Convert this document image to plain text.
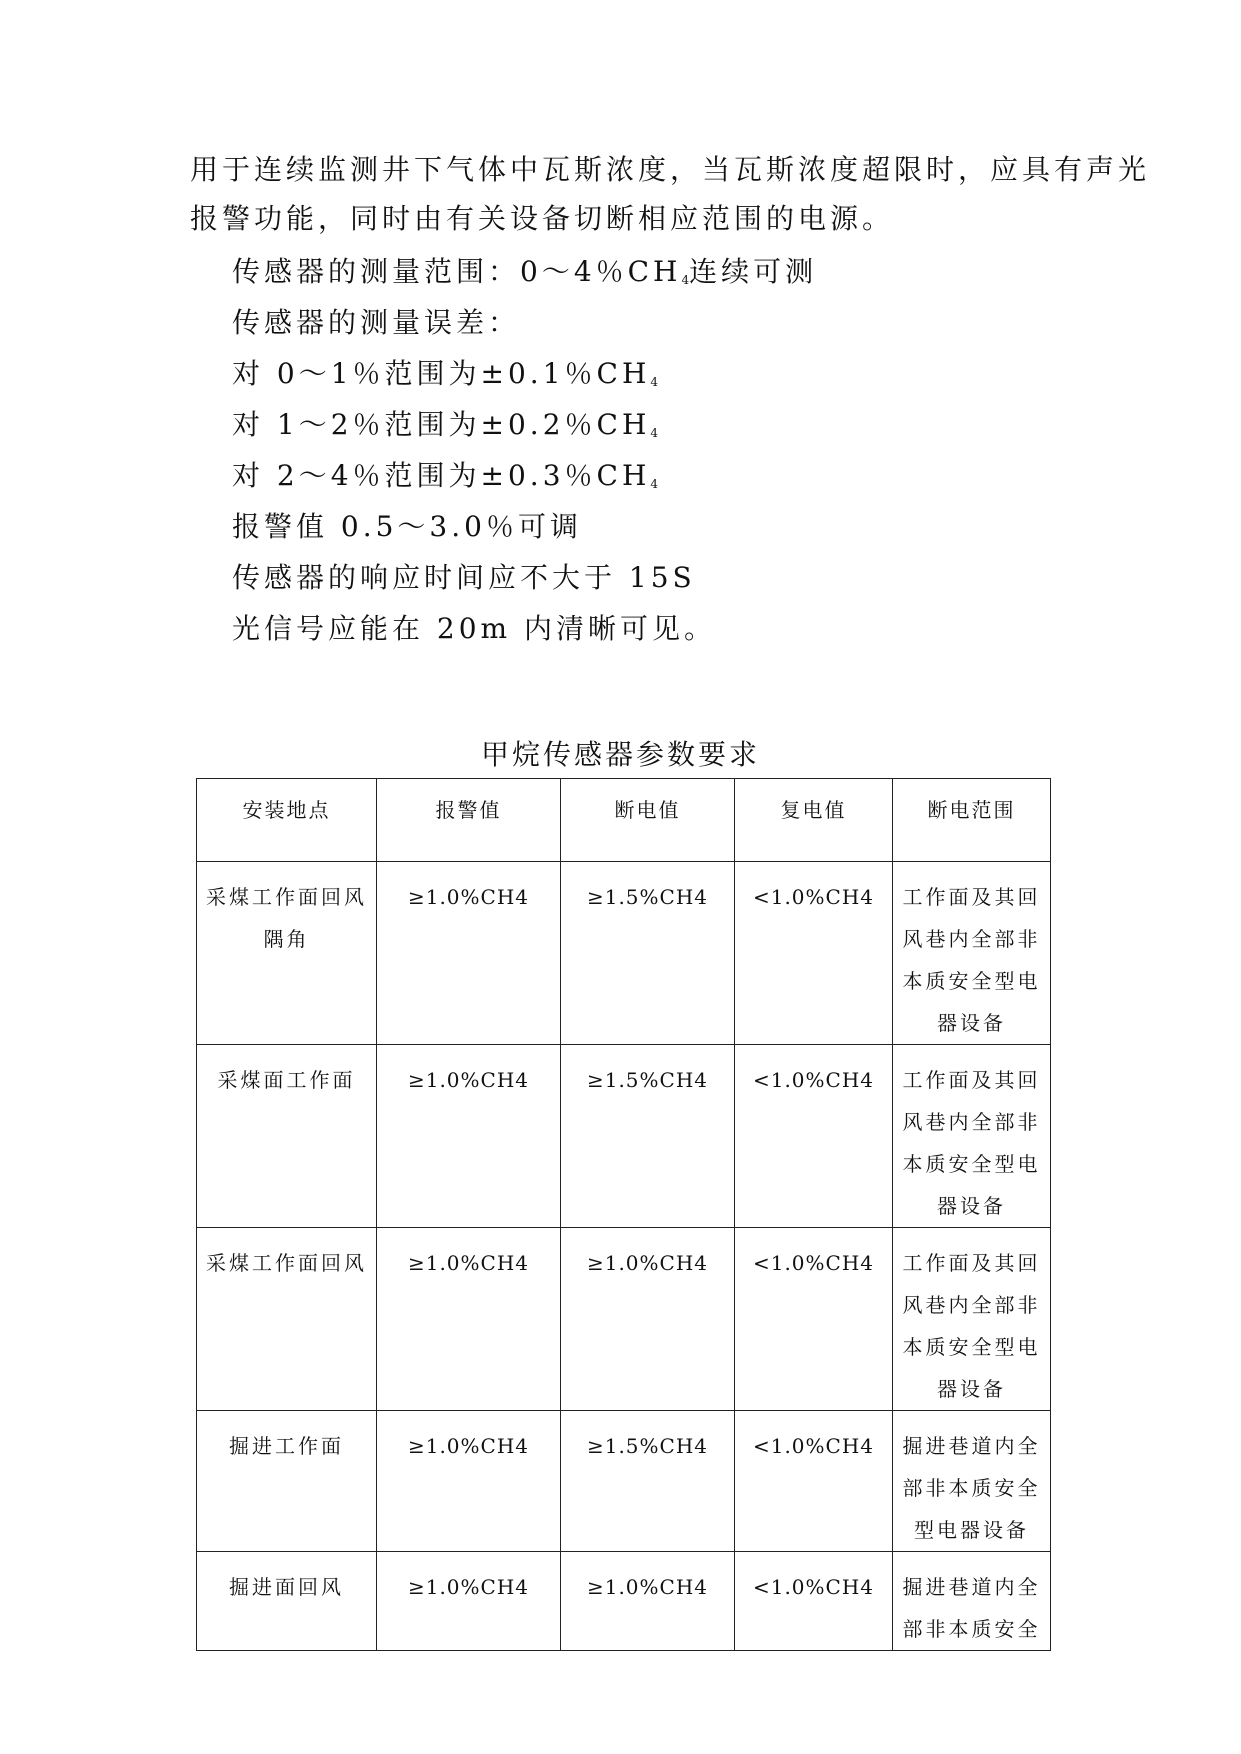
用于连续监测井下气体中瓦斯浓度，当瓦斯浓度超限时，应具有声光

报警功能，同时由有关设备切断相应范围的电源。

传感器的测量范围：0～4％$CH_4$连续可测

传感器的测量误差：

对 0～1％范围为±0.1％$CH_4$

对 1～2％范围为±0.2％$CH_4$

对 2～4％范围为±0.3％$CH_4$

报警值 0.5～3.0％可调

传感器的响应时间应不大于 15S

光信号应能在 20m 内清晰可见。

甲烷传感器参数要求
安装地点	报警值	断电值	复电值	断电范围
采煤工作面回风隅角	≥1.0%CH4	≥1.5%CH4	<1.0%CH4	工作面及其回风巷内全部非本质安全型电器设备
采煤面工作面	≥1.0%CH4	≥1.5%CH4	<1.0%CH4	工作面及其回风巷内全部非本质安全型电器设备
采煤工作面回风	≥1.0%CH4	≥1.0%CH4	<1.0%CH4	工作面及其回风巷内全部非本质安全型电器设备
掘进工作面	≥1.0%CH4	≥1.5%CH4	<1.0%CH4	掘进巷道内全部非本质安全型电器设备
掘进面回风	≥1.0%CH4	≥1.0%CH4	<1.0%CH4	掘进巷道内全部非本质安全
